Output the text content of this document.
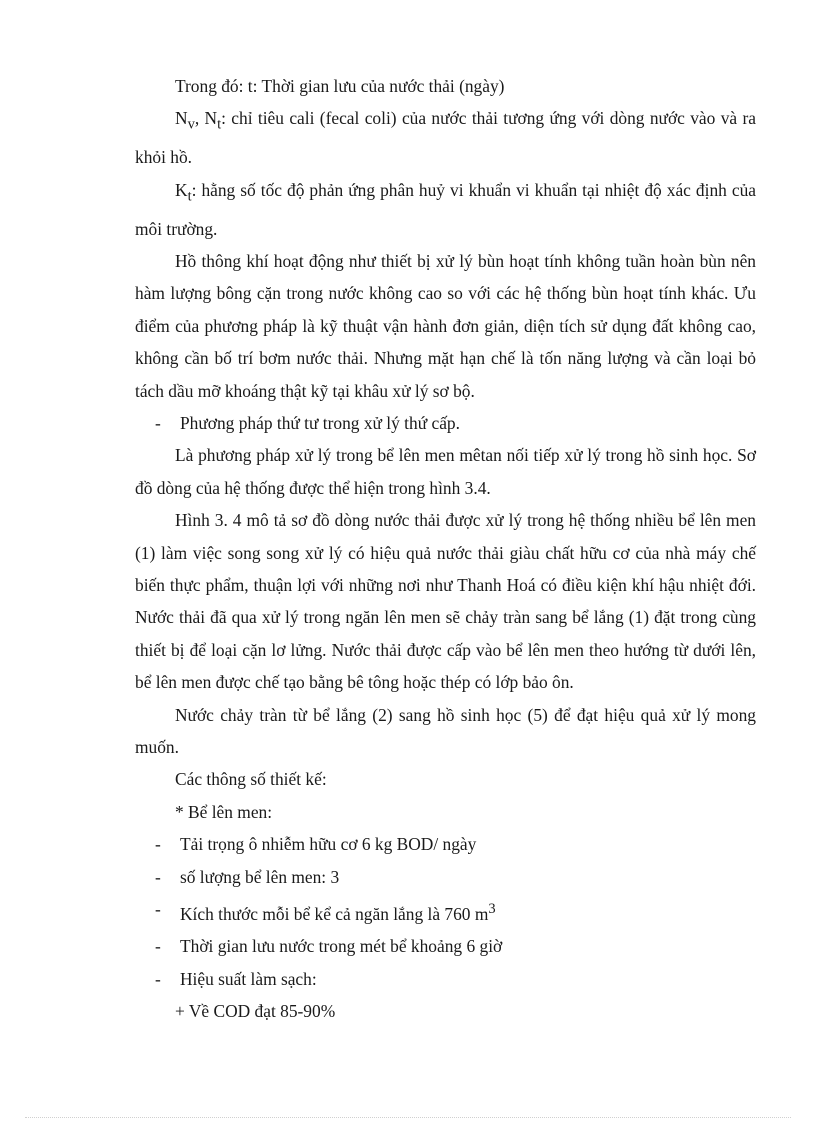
Trong đó: t: Thời gian lưu của nước thải (ngày)

$N_v$, $N_t$: chỉ tiêu cali (fecal coli) của nước thải tương ứng với dòng nước vào và ra khỏi hồ.

$K_t$: hằng số tốc độ phản ứng phân huỷ vi khuẩn vi khuẩn tại nhiệt độ xác định của môi trường.

Hồ thông khí hoạt động như thiết bị xử lý bùn hoạt tính không tuần hoàn bùn nên hàm lượng bông cặn trong nước không cao so với các hệ thống bùn hoạt tính khác. Ưu điểm của phương pháp là kỹ thuật vận hành đơn giản, diện tích sử dụng đất không cao, không cần bố trí bơm nước thải. Nhưng mặt hạn chế là tốn năng lượng và cần loại bỏ tách dầu mỡ khoáng thật kỹ tại khâu xử lý sơ bộ.

- Phương pháp thứ tư trong xử lý thứ cấp.

Là phương pháp xử lý trong bể lên men mêtan nối tiếp xử lý trong hồ sinh học. Sơ đồ dòng của hệ thống được thể hiện trong hình 3.4.

Hình 3. 4 mô tả sơ đồ dòng nước thải được xử lý trong hệ thống nhiều bể lên men (1) làm việc song song xử lý có hiệu quả nước thải giàu chất hữu cơ của nhà máy chế biến thực phẩm, thuận lợi với những nơi như Thanh Hoá có điều kiện khí hậu nhiệt đới. Nước thải đã qua xử lý trong ngăn lên men sẽ chảy tràn sang bể lắng (1) đặt trong cùng thiết bị để loại cặn lơ lửng. Nước thải được cấp vào bể lên men theo hướng từ dưới lên, bể lên men được chế tạo bằng bê tông hoặc thép có lớp bảo ôn.

Nước chảy tràn từ bể lắng (2) sang hồ sinh học (5) để đạt hiệu quả xử lý mong muốn.

Các thông số thiết kế:

* Bể lên men:

- Tải trọng ô nhiễm hữu cơ 6 kg BOD/ ngày

- số lượng bể lên men: 3

- Kích thước mỗi bể kể cả ngăn lắng là 760 $m^3$

- Thời gian lưu nước trong mét bể khoảng 6 giờ

- Hiệu suất làm sạch:

+ Về COD đạt 85-90%
